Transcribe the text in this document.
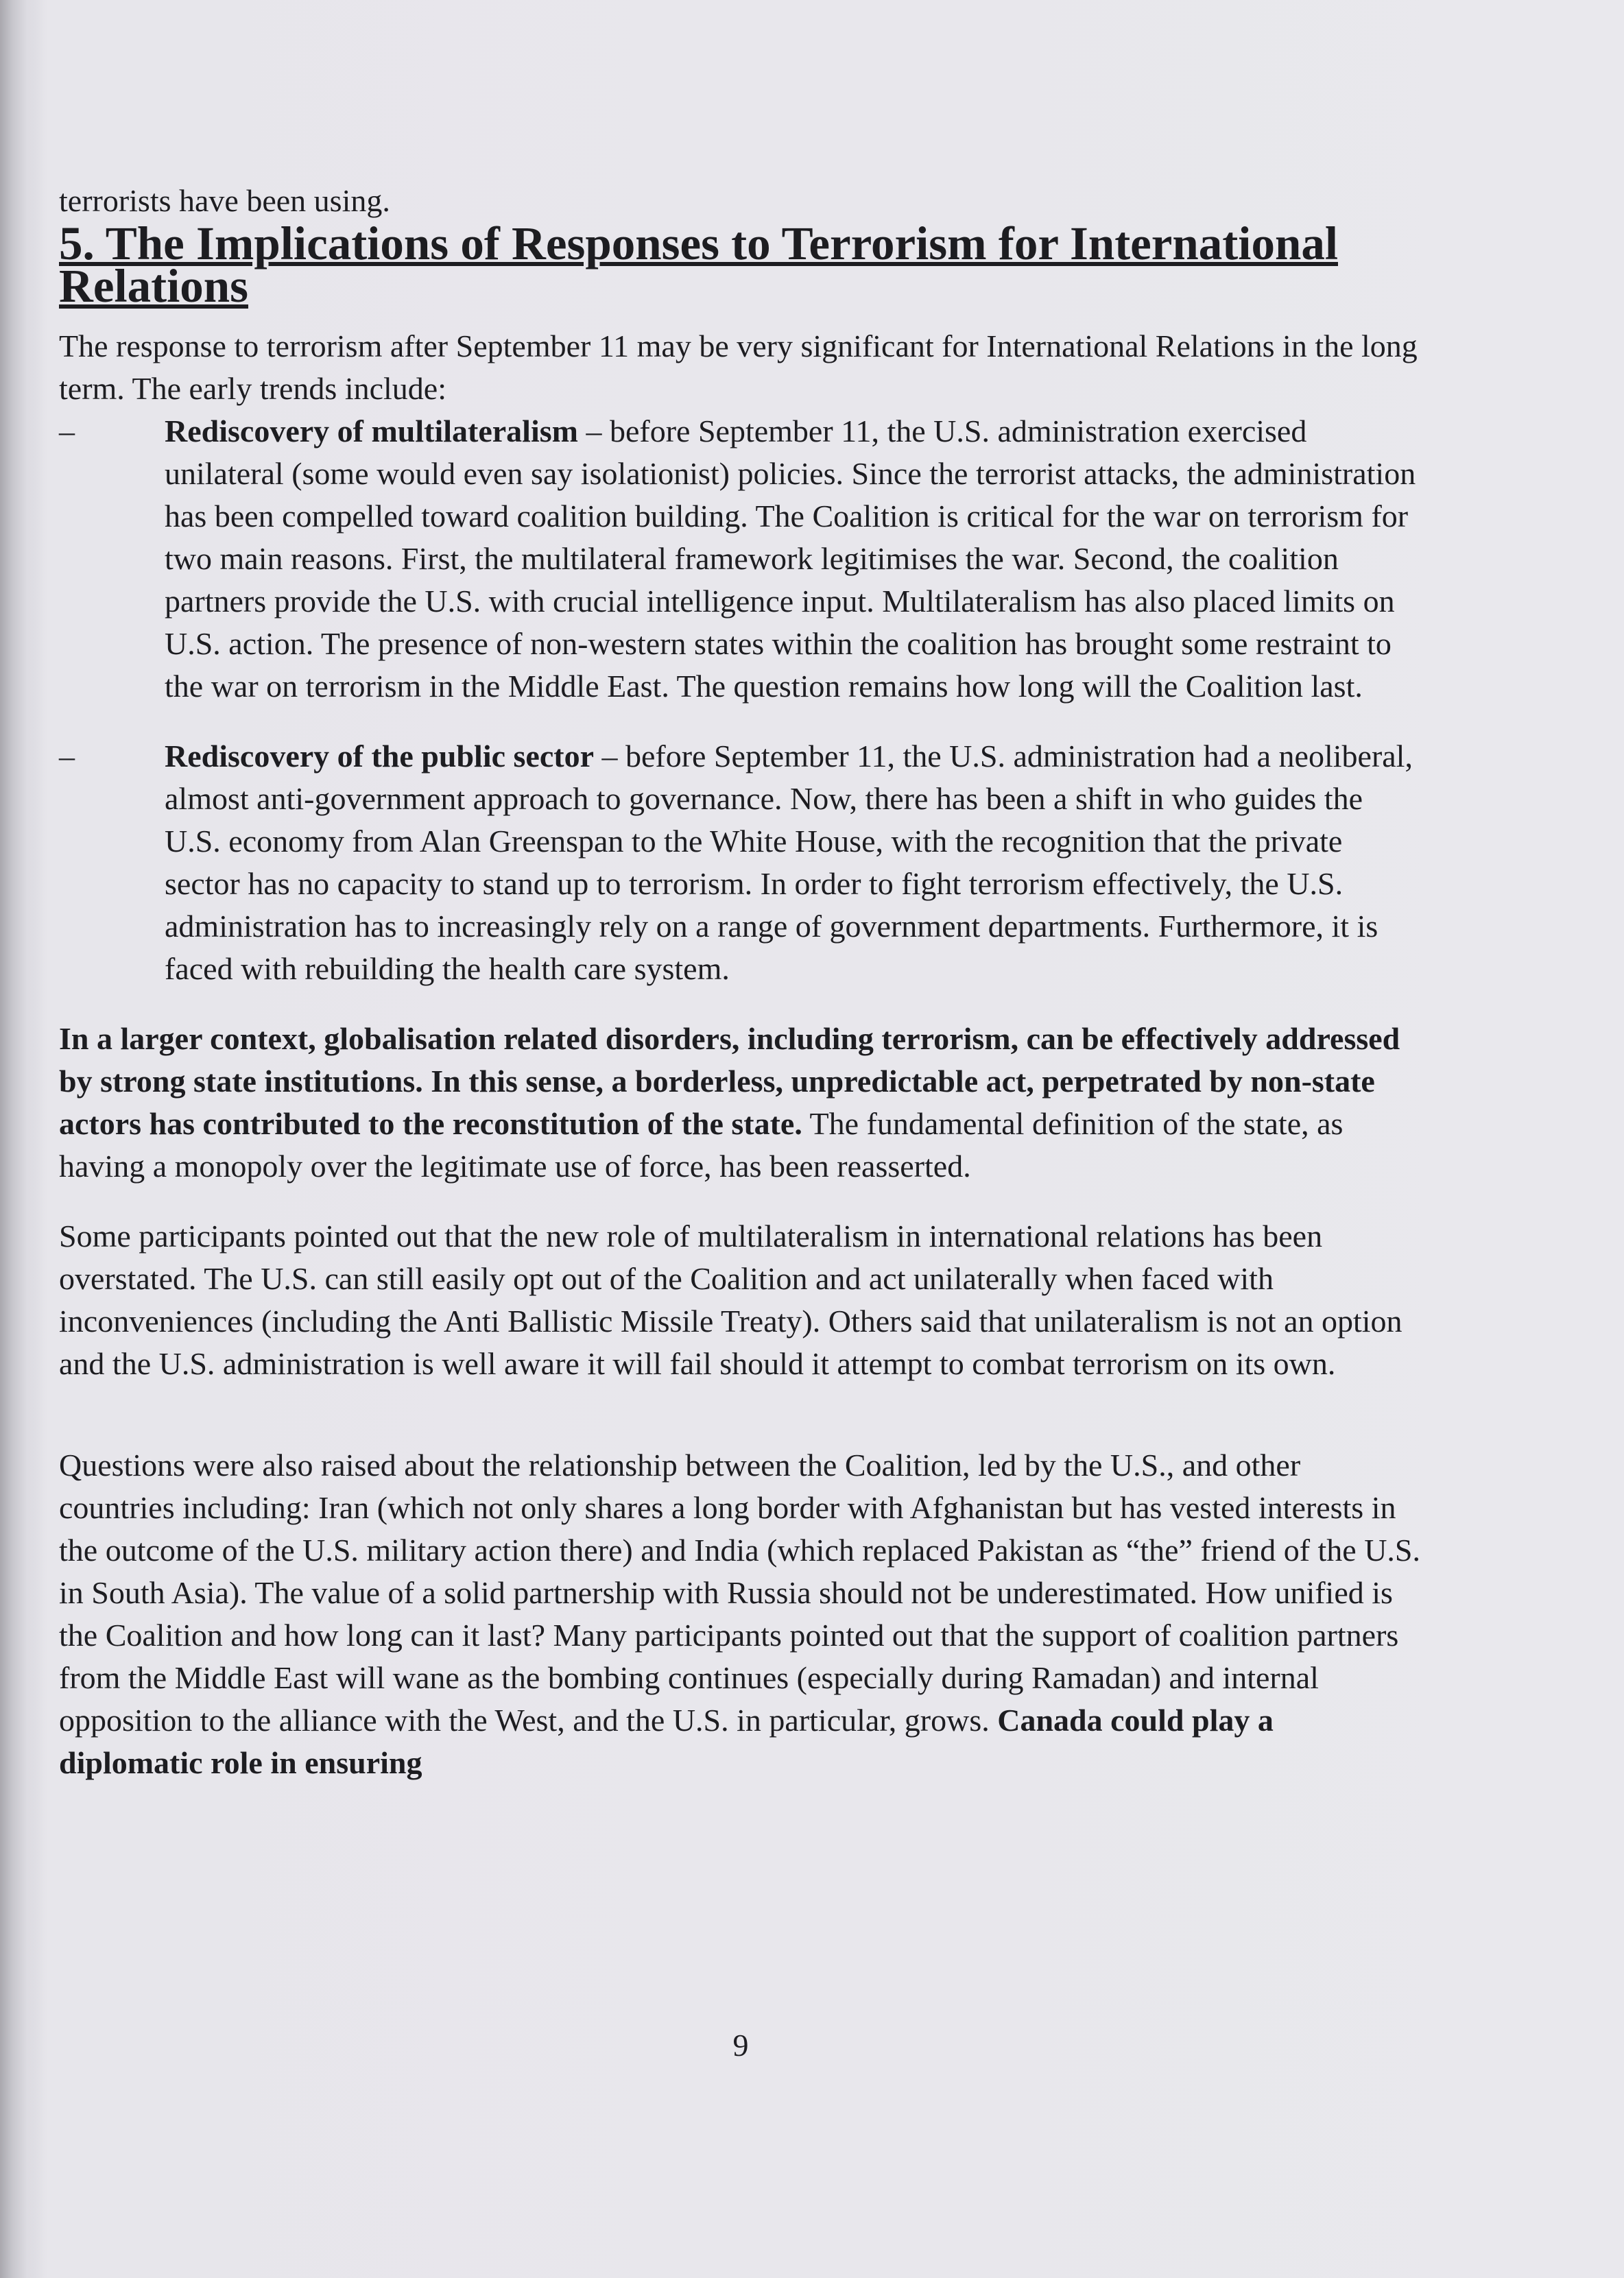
terrorists have been using.

5. The Implications of Responses to Terrorism for International Relations

The response to terrorism after September 11 may be very significant for International Relations in the long term. The early trends include:

–	Rediscovery of multilateralism – before September 11, the U.S. administration exercised unilateral (some would even say isolationist) policies. Since the terrorist attacks, the administration has been compelled toward coalition building. The Coalition is critical for the war on terrorism for two main reasons. First, the multilateral framework legitimises the war. Second, the coalition partners provide the U.S. with crucial intelligence input. Multilateralism has also placed limits on U.S. action. The presence of non-western states within the coalition has brought some restraint to the war on terrorism in the Middle East. The question remains how long will the Coalition last.
–	Rediscovery of the public sector – before September 11, the U.S. administration had a neoliberal, almost anti-government approach to governance. Now, there has been a shift in who guides the U.S. economy from Alan Greenspan to the White House, with the recognition that the private sector has no capacity to stand up to terrorism. In order to fight terrorism effectively, the U.S. administration has to increasingly rely on a range of government departments. Furthermore, it is faced with rebuilding the health care system.

In a larger context, globalisation related disorders, including terrorism, can be effectively addressed by strong state institutions. In this sense, a borderless, unpredictable act, perpetrated by non-state actors has contributed to the reconstitution of the state. The fundamental definition of the state, as having a monopoly over the legitimate use of force, has been reasserted.

Some participants pointed out that the new role of multilateralism in international relations has been overstated. The U.S. can still easily opt out of the Coalition and act unilaterally when faced with inconveniences (including the Anti Ballistic Missile Treaty). Others said that unilateralism is not an option and the U.S. administration is well aware it will fail should it attempt to combat terrorism on its own.

Questions were also raised about the relationship between the Coalition, led by the U.S., and other countries including: Iran (which not only shares a long border with Afghanistan but has vested interests in the outcome of the U.S. military action there) and India (which replaced Pakistan as “the” friend of the U.S. in South Asia). The value of a solid partnership with Russia should not be underestimated. How unified is the Coalition and how long can it last? Many participants pointed out that the support of coalition partners from the Middle East will wane as the bombing continues (especially during Ramadan) and internal opposition to the alliance with the West, and the U.S. in particular, grows. Canada could play a diplomatic role in ensuring

9
